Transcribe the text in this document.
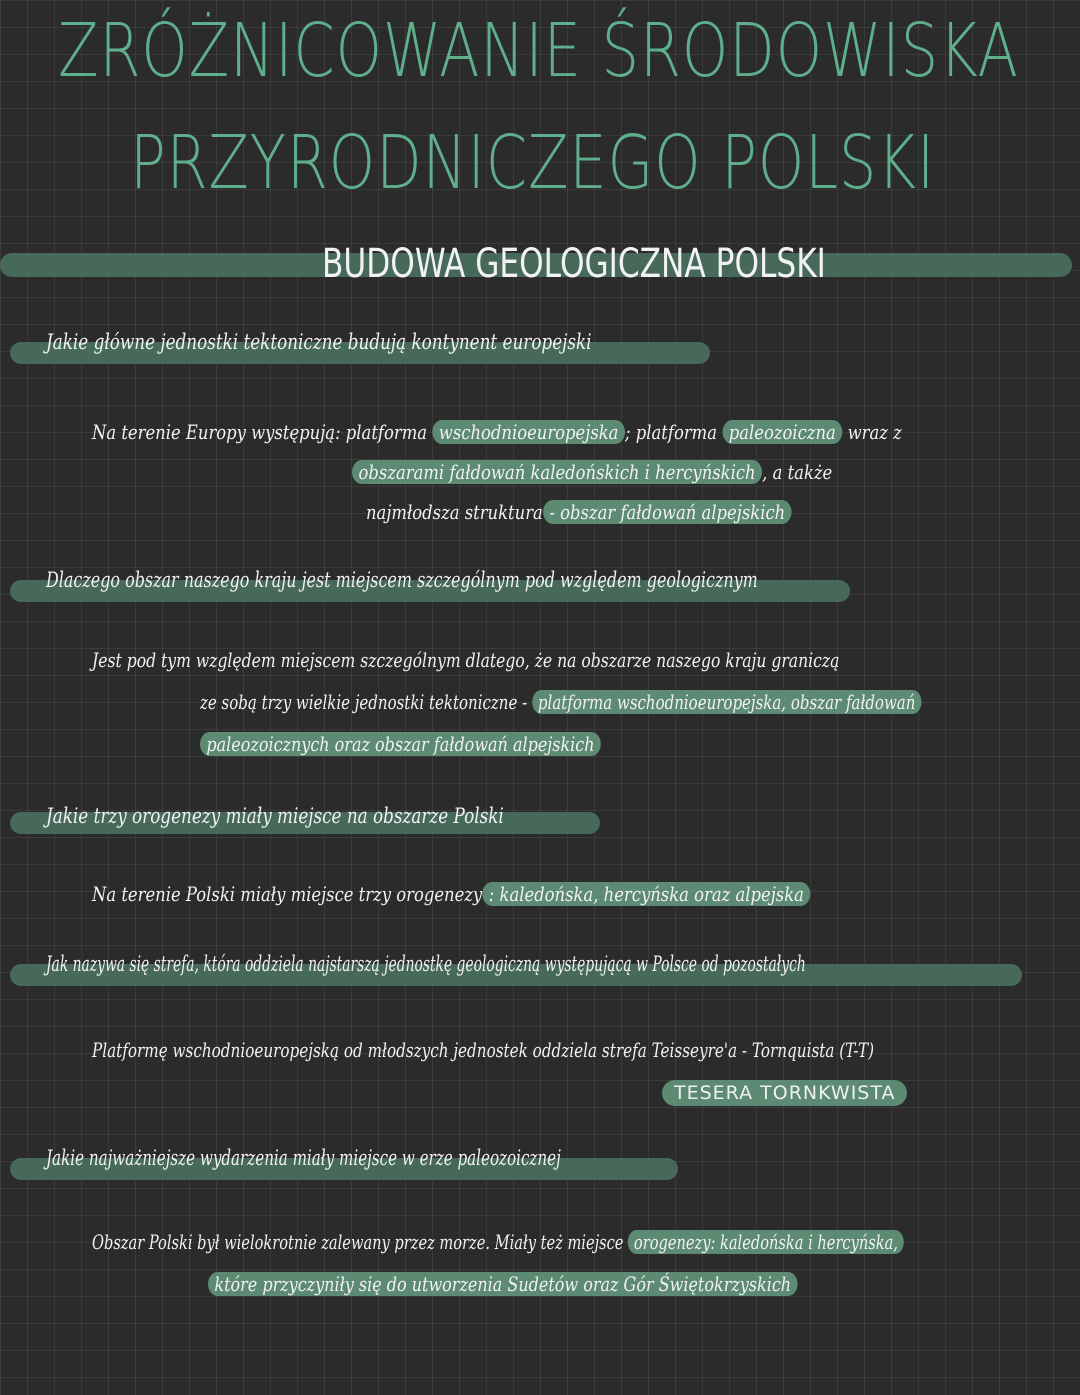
ZRÓŻNICOWANIE ŚRODOWISKA
PRZYRODNICZEGO POLSKI
BUDOWA GEOLOGICZNA POLSKI
Jakie główne jednostki tektoniczne budują kontynent europejski
Na terenie Europy występują: platforma wschodnioeuropejska ; platforma paleozoiczna wraz z
obszarami fałdowań kaledońskich i hercyńskich , a także
najmłodsza struktura - obszar fałdowań alpejskich
Dlaczego obszar naszego kraju jest miejscem szczególnym pod względem geologicznym
Jest pod tym względem miejscem szczególnym dlatego, że na obszarze naszego kraju graniczą
ze sobą trzy wielkie jednostki tektoniczne - platforma wschodnioeuropejska, obszar fałdowań
paleozoicznych oraz obszar fałdowań alpejskich
Jakie trzy orogenezy miały miejsce na obszarze Polski
Na terenie Polski miały miejsce trzy orogenezy : kaledońska, hercyńska oraz alpejska
Jak nazywa się strefa, która oddziela najstarszą jednostkę geologiczną występującą w Polsce od pozostałych
Platformę wschodnioeuropejską od młodszych jednostek oddziela strefa Teisseyre'a - Tornquista (T-T)
TESERA TORNKWISTA
Jakie najważniejsze wydarzenia miały miejsce w erze paleozoicznej
Obszar Polski był wielokrotnie zalewany przez morze. Miały też miejsce orogenezy: kaledońska i hercyńska,
które przyczyniły się do utworzenia Sudetów oraz Gór Świętokrzyskich
